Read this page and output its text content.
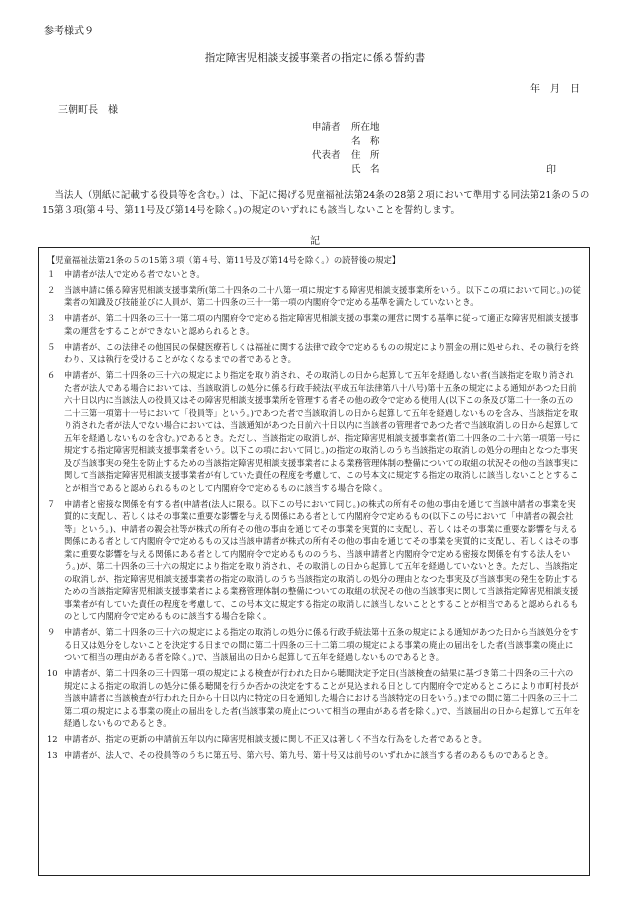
参考様式９
指定障害児相談支援事業者の指定に係る誓約書
年　月　日
三朝町長　様
申請者 所在地
名　称
代表者 住　所
氏　名	印

当法人（別紙に記載する役員等を含む。）は、下記に掲げる児童福祉法第24条の28第２項において準用する同法第21条の５の15第３項(第４号、第11号及び第14号を除く。)の規定のいずれにも該当しないことを誓約します。

記
【児童福祉法第21条の５の15第３項（第４号、第11号及び第14号を除く。）の読替後の規定】
１	申請者が法人で定める者でないとき。
２	当該申請に係る障害児相談支援事業所(第二十四条の二十八第一項に規定する障害児相談支援事業所をいう。以下この項において同じ。)の従業者の知識及び技能並びに人員が、第二十四条の三十一第一項の内閣府令で定める基準を満たしていないとき。
３	申請者が、第二十四条の三十一第二項の内閣府令で定める指定障害児相談支援の事業の運営に関する基準に従って適正な障害児相談支援事業の運営をすることができないと認められるとき。
５	申請者が、この法律その他国民の保健医療若しくは福祉に関する法律で政令で定めるものの規定により罰金の刑に処せられ、その執行を終わり、又は執行を受けることがなくなるまでの者であるとき。
６	申請者が、第二十四条の三十六の規定により指定を取り消され、その取消しの日から起算して五年を経過しない者(当該指定を取り消された者が法人である場合においては、当該取消しの処分に係る行政手続法(平成五年法律第八十八号)第十五条の規定による通知があつた日前六十日以内に当該法人の役員又はその障害児相談支援事業所を管理する者その他の政令で定める使用人(以下この条及び第二十一条の五の二十三第一項第十一号において「役員等」という。)であつた者で当該取消しの日から起算して五年を経過しないものを含み、当該指定を取り消された者が法人でない場合においては、当該通知があつた日前六十日以内に当該者の管理者であつた者で当該取消しの日から起算して五年を経過しないものを含む。)であるとき。ただし、当該指定の取消しが、指定障害児相談支援事業者(第二十四条の二十六第一項第一号に規定する指定障害児相談支援事業者をいう。以下この項において同じ。)の指定の取消しのうち当該指定の取消しの処分の理由となつた事実及び当該事実の発生を防止するための当該指定障害児相談支援事業者による業務管理体制の整備についての取組の状況その他の当該事実に関して当該指定障害児相談支援事業者が有していた責任の程度を考慮して、この号本文に規定する指定の取消しに該当しないこととすることが相当であると認められるものとして内閣府令で定めるものに該当する場合を除く。
７	申請者と密接な関係を有する者(申請者(法人に限る。以下この号において同じ。)の株式の所有その他の事由を通じて当該申請者の事業を実質的に支配し、若しくはその事業に重要な影響を与える関係にある者として内閣府令で定めるもの(以下この号において「申請者の親会社等」という。)、申請者の親会社等が株式の所有その他の事由を通じてその事業を実質的に支配し、若しくはその事業に重要な影響を与える関係にある者として内閣府令で定めるもの又は当該申請者が株式の所有その他の事由を通じてその事業を実質的に支配し、若しくはその事業に重要な影響を与える関係にある者として内閣府令で定めるもののうち、当該申請者と内閣府令で定める密接な関係を有する法人をいう。)が、第二十四条の三十六の規定により指定を取り消され、その取消しの日から起算して五年を経過していないとき。ただし、当該指定の取消しが、指定障害児相談支援事業者の指定の取消しのうち当該指定の取消しの処分の理由となつた事実及び当該事実の発生を防止するための当該指定障害児相談支援事業者による業務管理体制の整備についての取組の状況その他の当該事実に関して当該指定障害児相談支援事業者が有していた責任の程度を考慮して、この号本文に規定する指定の取消しに該当しないこととすることが相当であると認められるものとして内閣府令で定めるものに該当する場合を除く。
９	申請者が、第二十四条の三十六の規定による指定の取消しの処分に係る行政手続法第十五条の規定による通知があつた日から当該処分をする日又は処分をしないことを決定する日までの間に第二十四条の三十二第二項の規定による事業の廃止の届出をした者(当該事業の廃止について相当の理由がある者を除く。)で、当該届出の日から起算して五年を経過しないものであるとき。
10 申請者が、第二十四条の三十四第一項の規定による検査が行われた日から聴聞決定予定日(当該検査の結果に基づき第二十四条の三十六の規定による指定の取消しの処分に係る聴聞を行うか否かの決定をすることが見込まれる日として内閣府令で定めるところにより市町村長が当該申請者に当該検査が行われた日から十日以内に特定の日を通知した場合における当該特定の日をいう。)までの間に第二十四条の三十二第二項の規定による事業の廃止の届出をした者(当該事業の廃止について相当の理由がある者を除く。)で、当該届出の日から起算して五年を経過しないものであるとき。
12 申請者が、指定の更新の申請前五年以内に障害児相談支援に関し不正又は著しく不当な行為をした者であるとき。
13 申請者が、法人で、その役員等のうちに第五号、第六号、第九号、第十号又は前号のいずれかに該当する者のあるものであるとき。
